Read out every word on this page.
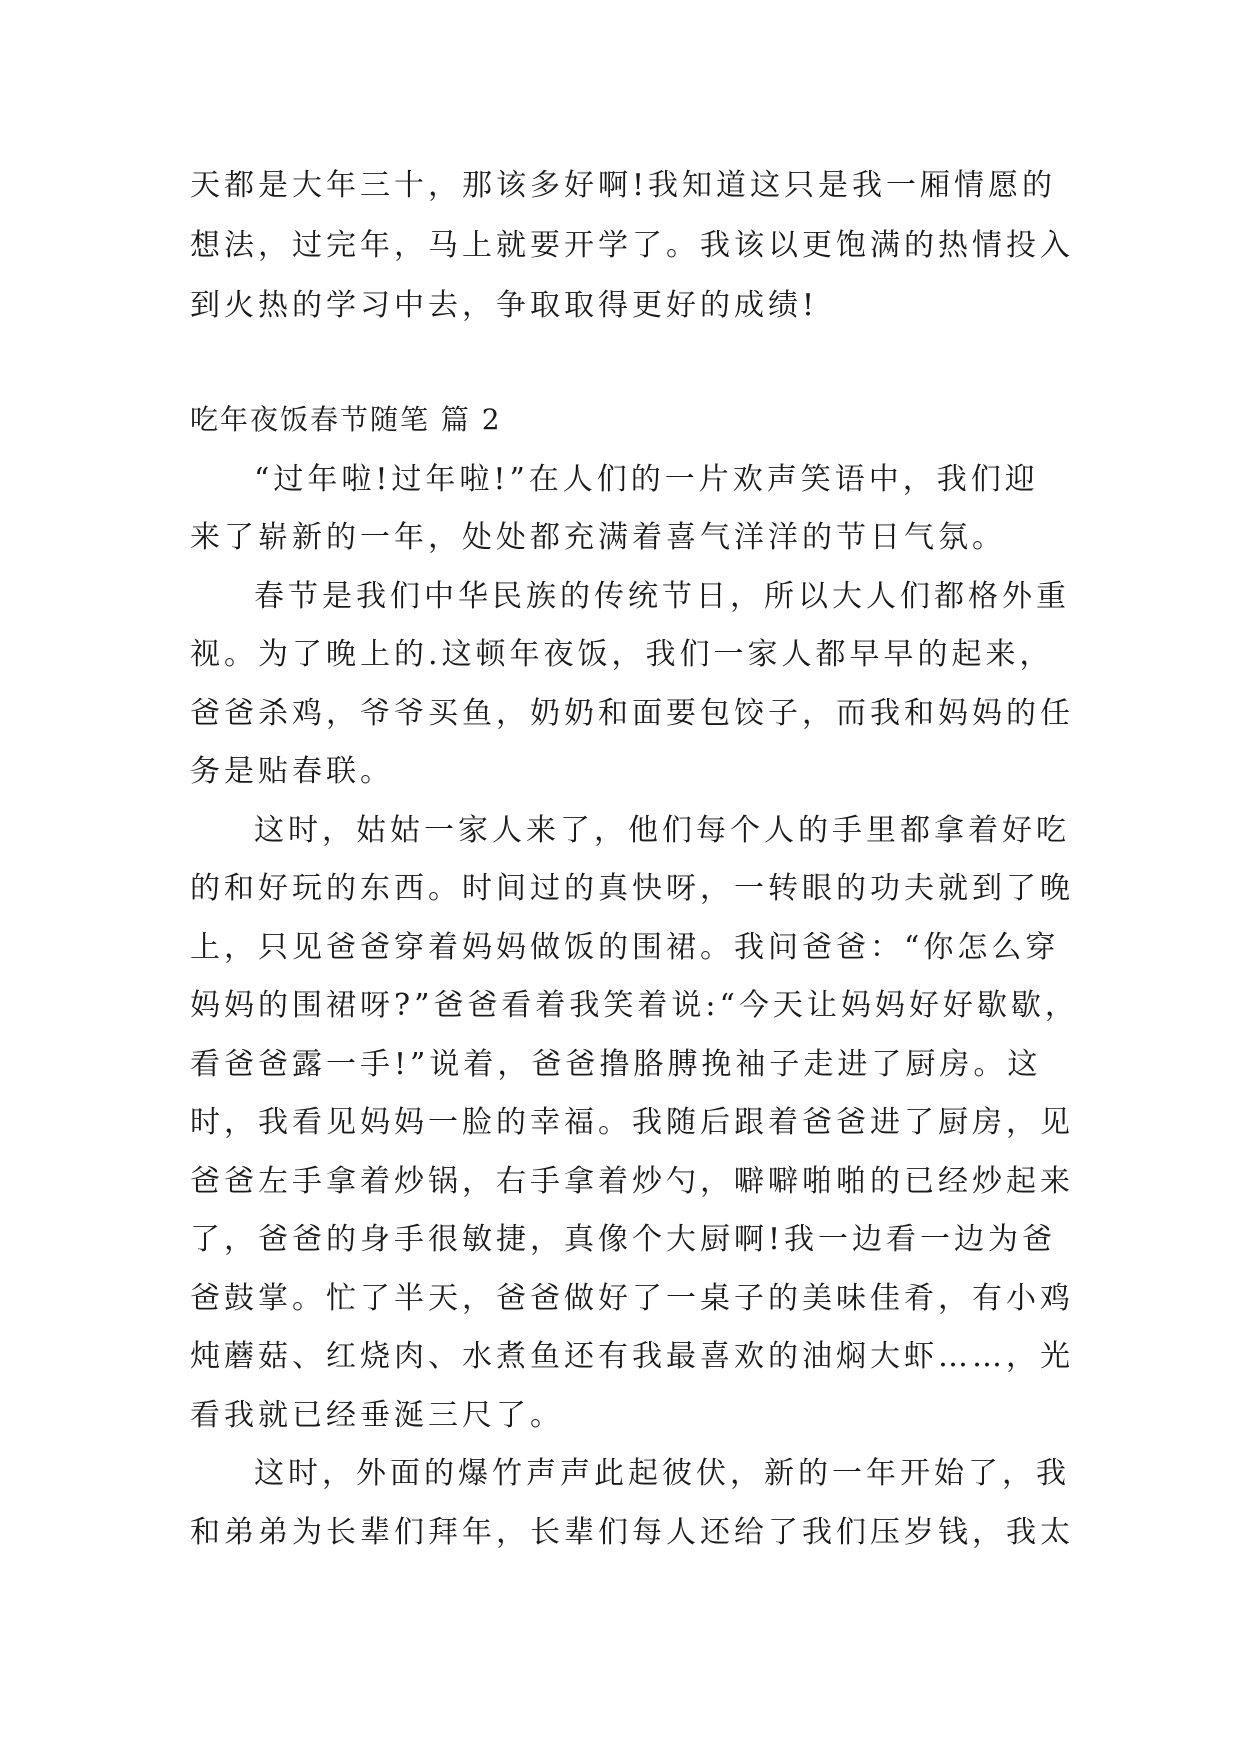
天都是大年三十，那该多好啊!我知道这只是我一厢情愿的
想法，过完年，马上就要开学了。我该以更饱满的热情投入
到火热的学习中去，争取取得更好的成绩!
吃年夜饭春节随笔 篇 2
“过年啦!过年啦!”在人们的一片欢声笑语中，我们迎
来了崭新的一年，处处都充满着喜气洋洋的节日气氛。
春节是我们中华民族的传统节日，所以大人们都格外重
视。为了晚上的.这顿年夜饭，我们一家人都早早的起来，
爸爸杀鸡，爷爷买鱼，奶奶和面要包饺子，而我和妈妈的任
务是贴春联。
这时，姑姑一家人来了，他们每个人的手里都拿着好吃
的和好玩的东西。时间过的真快呀，一转眼的功夫就到了晚
上，只见爸爸穿着妈妈做饭的围裙。我问爸爸：“你怎么穿
妈妈的围裙呀?”爸爸看着我笑着说:“今天让妈妈好好歇歇，
看爸爸露一手!”说着，爸爸撸胳膊挽袖子走进了厨房。这
时，我看见妈妈一脸的幸福。我随后跟着爸爸进了厨房，见
爸爸左手拿着炒锅，右手拿着炒勺，噼噼啪啪的已经炒起来
了，爸爸的身手很敏捷，真像个大厨啊!我一边看一边为爸
爸鼓掌。忙了半天，爸爸做好了一桌子的美味佳肴，有小鸡
炖蘑菇、红烧肉、水煮鱼还有我最喜欢的油焖大虾……，光
看我就已经垂涎三尺了。
这时，外面的爆竹声声此起彼伏，新的一年开始了，我
和弟弟为长辈们拜年，长辈们每人还给了我们压岁钱，我太
